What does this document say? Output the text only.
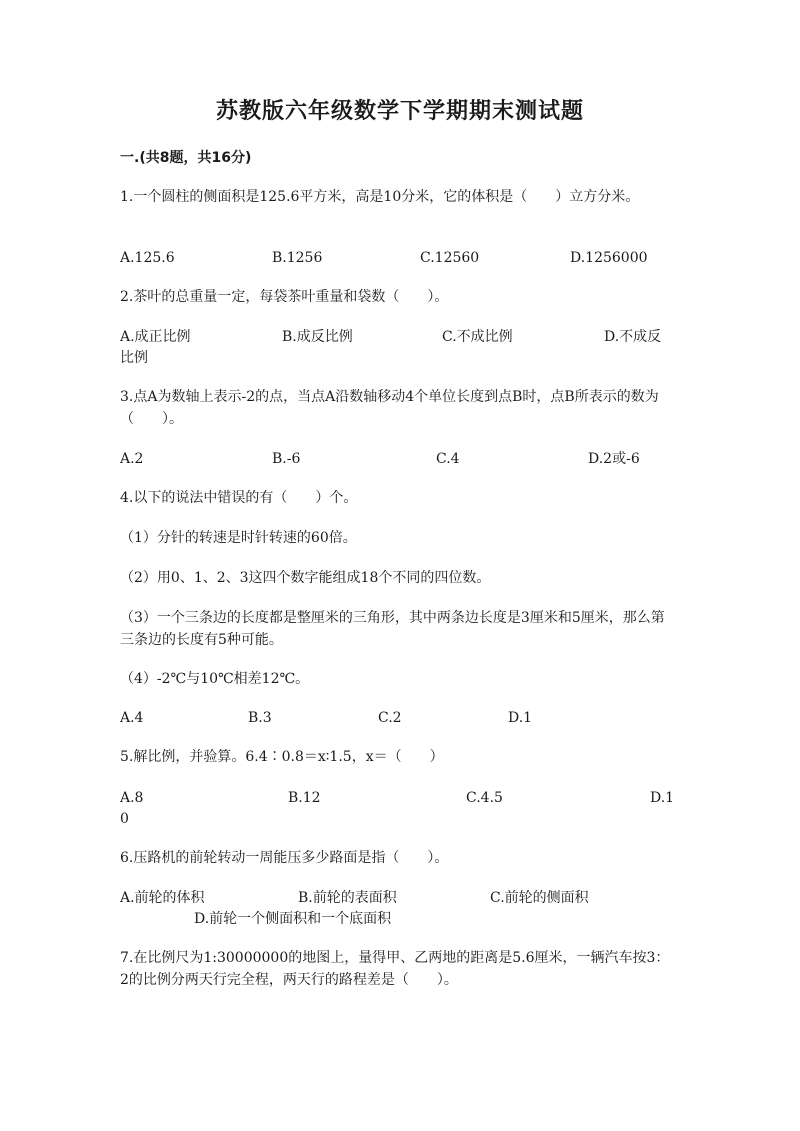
苏教版六年级数学下学期期末测试题
一.(共8题，共16分)

1.一个圆柱的侧面积是125.6平方米，高是10分米，它的体积是（　　）立方分米。

A.125.6	B.1256	C.12560	D.1256000

2.茶叶的总重量一定，每袋茶叶重量和袋数（　　）。

A.成正比例	B.成反比例	C.不成比例	D.不成反
比例

3.点A为数轴上表示-2的点，当点A沿数轴移动4个单位长度到点B时，点B所表示的数为（　　）。

A.2	B.-6	C.4	D.2或-6

4.以下的说法中错误的有（　　）个。

（1）分针的转速是时针转速的60倍。

（2）用0、1、2、3这四个数字能组成18个不同的四位数。

（3）一个三条边的长度都是整厘米的三角形，其中两条边长度是3厘米和5厘米，那么第三条边的长度有5种可能。

（4）-2℃与10℃相差12℃。

A.4	B.3	C.2	D.1

5.解比例，并验算。6.4∶0.8＝x∶1.5，x＝（　　）

A.8	B.12	C.4.5	D.1
0

6.压路机的前轮转动一周能压多少路面是指（　　）。

A.前轮的体积	B.前轮的表面积	C.前轮的侧面积
D.前轮一个侧面积和一个底面积

7.在比例尺为1:30000000的地图上，量得甲、乙两地的距离是5.6厘米，一辆汽车按3：2的比例分两天行完全程，两天行的路程差是（　　）。
